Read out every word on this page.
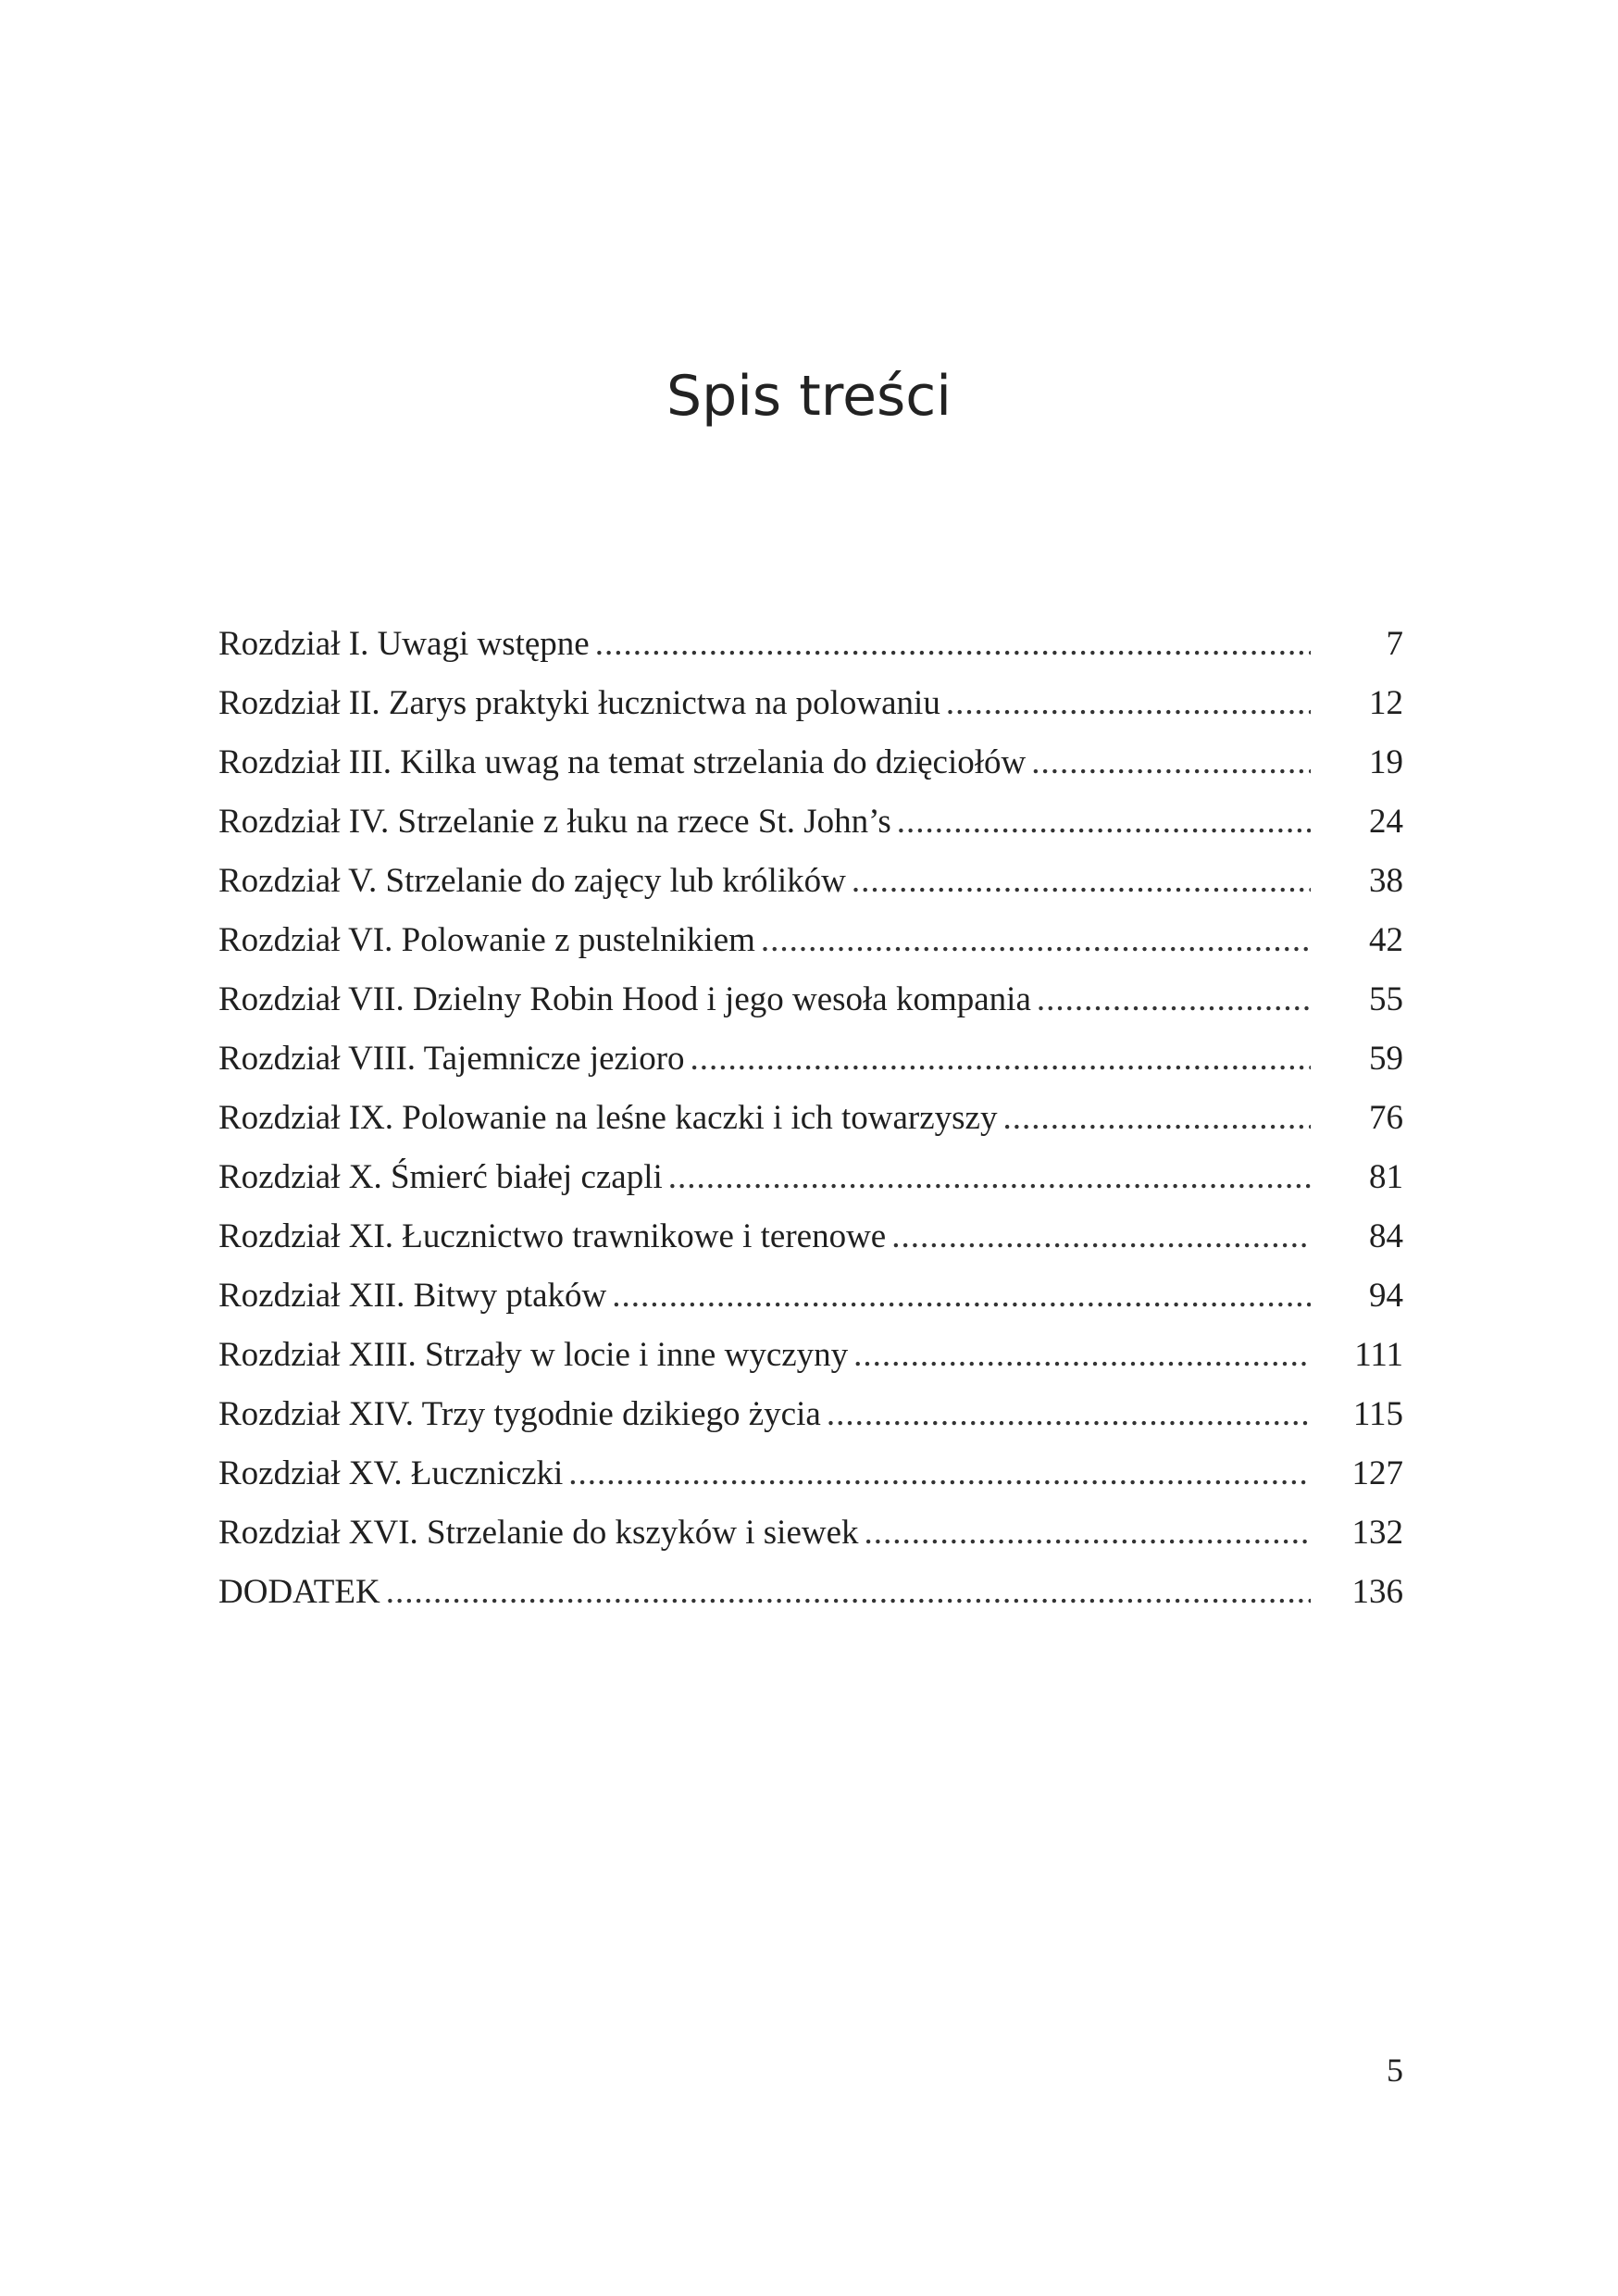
Spis treści
Rozdział I. Uwagi wstępne .....	7
Rozdział II. Zarys praktyki łucznictwa na polowaniu .....	12
Rozdział III. Kilka uwag na temat strzelania do dzięciołów .....	19
Rozdział IV. Strzelanie z łuku na rzece St. John’s .....	24
Rozdział V. Strzelanie do zajęcy lub królików .....	38
Rozdział VI. Polowanie z pustelnikiem .....	42
Rozdział VII. Dzielny Robin Hood i jego wesoła kompania .....	55
Rozdział VIII. Tajemnicze jezioro .....	59
Rozdział IX. Polowanie na leśne kaczki i ich towarzyszy .....	76
Rozdział X. Śmierć białej czapli .....	81
Rozdział XI. Łucznictwo trawnikowe i terenowe .....	84
Rozdział XII. Bitwy ptaków .....	94
Rozdział XIII. Strzały w locie i inne wyczyny .....	111
Rozdział XIV. Trzy tygodnie dzikiego życia .....	115
Rozdział XV. Łuczniczki .....	127
Rozdział XVI. Strzelanie do kszyków i siewek .....	132
DODATEK .....	136
5
